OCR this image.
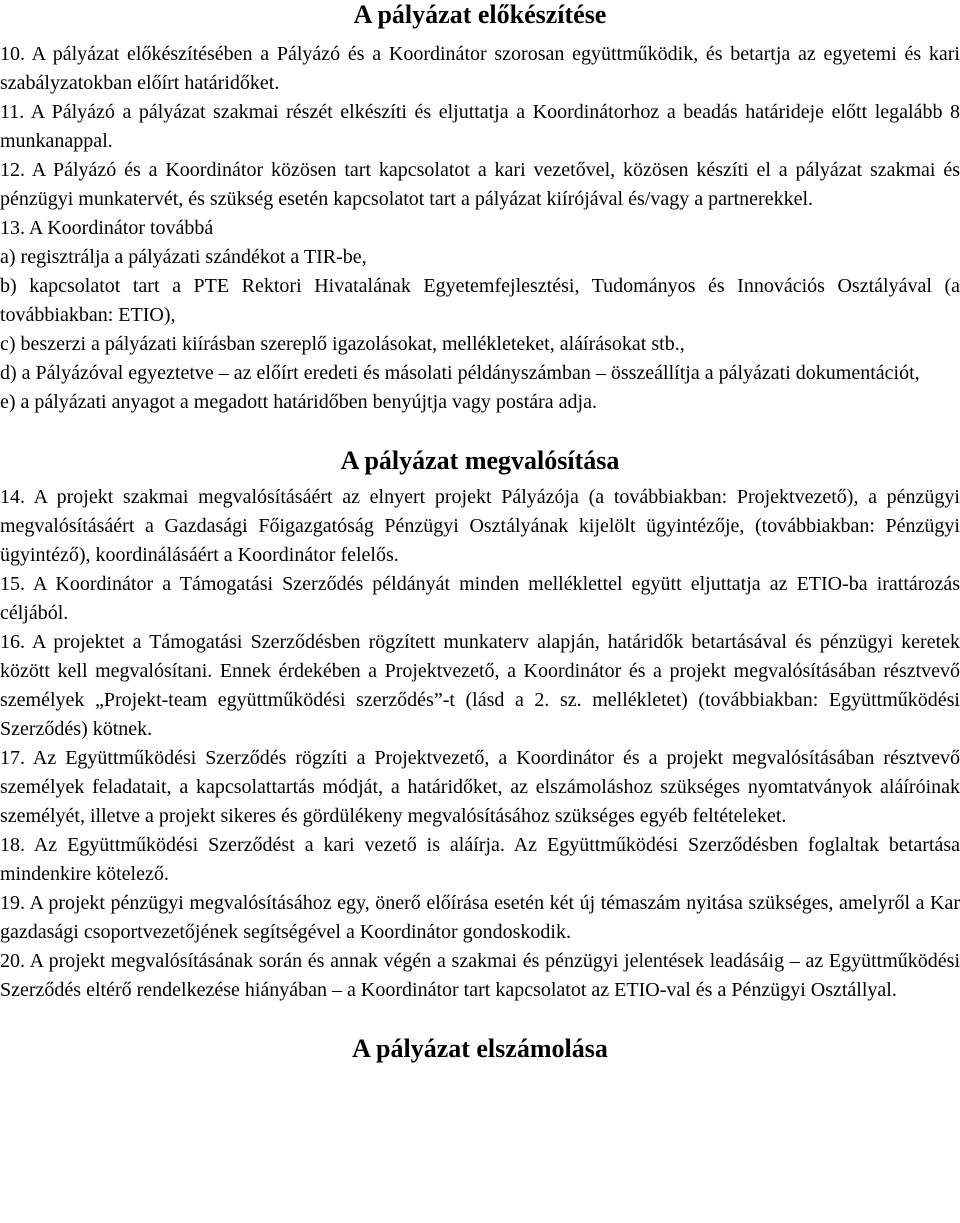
A pályázat előkészítése

10. A pályázat előkészítésében a Pályázó és a Koordinátor szorosan együttműködik, és betartja az egyetemi és kari szabályzatokban előírt határidőket.

11. A Pályázó a pályázat szakmai részét elkészíti és eljuttatja a Koordinátorhoz a beadás határideje előtt legalább 8 munkanappal.

12. A Pályázó és a Koordinátor közösen tart kapcsolatot a kari vezetővel, közösen készíti el a pályázat szakmai és pénzügyi munkatervét, és szükség esetén kapcsolatot tart a pályázat kiírójával és/vagy a partnerekkel.

13. A Koordinátor továbbá

a) regisztrálja a pályázati szándékot a TIR-be,

b) kapcsolatot tart a PTE Rektori Hivatalának Egyetemfejlesztési, Tudományos és Innovációs Osztályával (a továbbiakban: ETIO),

c) beszerzi a pályázati kiírásban szereplő igazolásokat, mellékleteket, aláírásokat stb.,

d) a Pályázóval egyeztetve – az előírt eredeti és másolati példányszámban – összeállítja a pályázati dokumentációt,

e) a pályázati anyagot a megadott határidőben benyújtja vagy postára adja.

A pályázat megvalósítása

14. A projekt szakmai megvalósításáért az elnyert projekt Pályázója (a továbbiakban: Projektvezető), a pénzügyi megvalósításáért a Gazdasági Főigazgatóság Pénzügyi Osztályának kijelölt ügyintézője, (továbbiakban: Pénzügyi ügyintéző), koordinálásáért a Koordinátor felelős.

15. A Koordinátor a Támogatási Szerződés példányát minden melléklettel együtt eljuttatja az ETIO-ba irattározás céljából.

16. A projektet a Támogatási Szerződésben rögzített munkaterv alapján, határidők betartásával és pénzügyi keretek között kell megvalósítani. Ennek érdekében a Projektvezető, a Koordinátor és a projekt megvalósításában résztvevő személyek „Projekt-team együttműködési szerződés”-t (lásd a 2. sz. mellékletet) (továbbiakban: Együttműködési Szerződés) kötnek.

17. Az Együttműködési Szerződés rögzíti a Projektvezető, a Koordinátor és a projekt megvalósításában résztvevő személyek feladatait, a kapcsolattartás módját, a határidőket, az elszámoláshoz szükséges nyomtatványok aláíróinak személyét, illetve a projekt sikeres és gördülékeny megvalósításához szükséges egyéb feltételeket.

18. Az Együttműködési Szerződést a kari vezető is aláírja. Az Együttműködési Szerződésben foglaltak betartása mindenkire kötelező.

19. A projekt pénzügyi megvalósításához egy, önerő előírása esetén két új témaszám nyitása szükséges, amelyről a Kar gazdasági csoportvezetőjének segítségével a Koordinátor gondoskodik.

20. A projekt megvalósításának során és annak végén a szakmai és pénzügyi jelentések leadásáig – az Együttműködési Szerződés eltérő rendelkezése hiányában – a Koordinátor tart kapcsolatot az ETIO-val és a Pénzügyi Osztállyal.

A pályázat elszámolása
